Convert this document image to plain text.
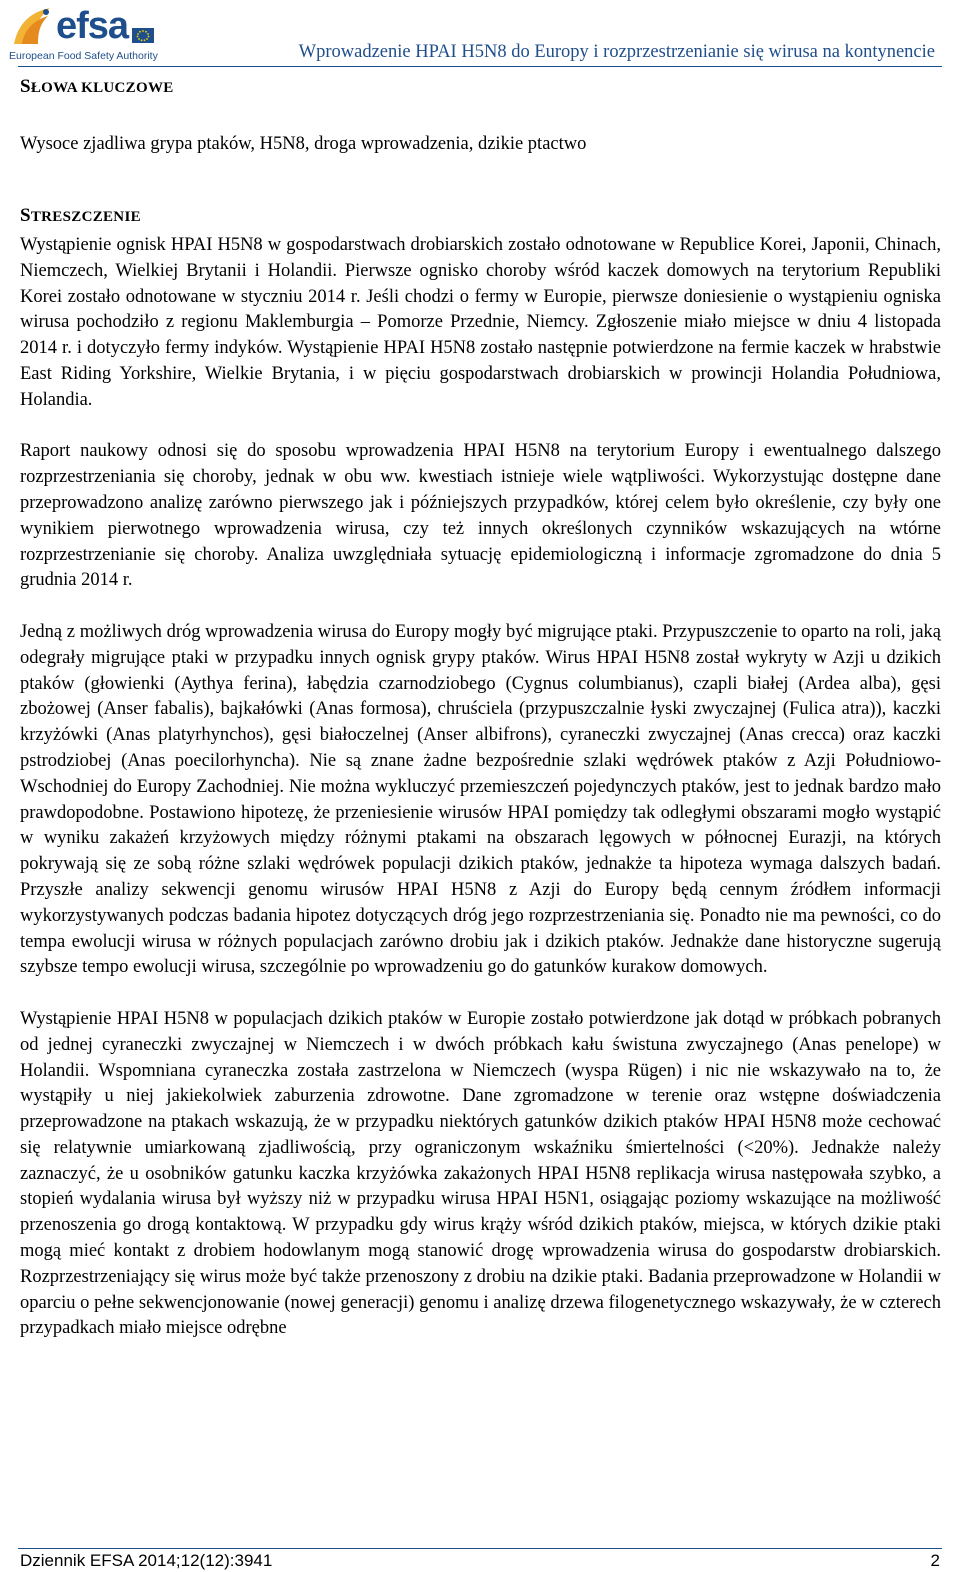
efsa
European Food Safety Authority	Wprowadzenie HPAI H5N8 do Europy i rozprzestrzenianie się wirusa na kontynencie
SŁOWA KLUCZOWE

Wysoce zjadliwa grypa ptaków, H5N8, droga wprowadzenia, dzikie ptactwo

STRESZCZENIE

Wystąpienie ognisk HPAI H5N8 w gospodarstwach drobiarskich zostało odnotowane w Republice Korei, Japonii, Chinach, Niemczech, Wielkiej Brytanii i Holandii. Pierwsze ognisko choroby wśród kaczek domowych na terytorium Republiki Korei zostało odnotowane w styczniu 2014 r. Jeśli chodzi o fermy w Europie, pierwsze doniesienie o wystąpieniu ogniska wirusa pochodziło z regionu Maklemburgia – Pomorze Przednie, Niemcy. Zgłoszenie miało miejsce w dniu 4 listopada 2014 r. i dotyczyło fermy indyków. Wystąpienie HPAI H5N8 zostało następnie potwierdzone na fermie kaczek w hrabstwie East Riding Yorkshire, Wielkie Brytania, i w pięciu gospodarstwach drobiarskich w prowincji Holandia Południowa, Holandia.

Raport naukowy odnosi się do sposobu wprowadzenia HPAI H5N8 na terytorium Europy i ewentualnego dalszego rozprzestrzeniania się choroby, jednak w obu ww. kwestiach istnieje wiele wątpliwości. Wykorzystując dostępne dane przeprowadzono analizę zarówno pierwszego jak i późniejszych przypadków, której celem było określenie, czy były one wynikiem pierwotnego wprowadzenia wirusa, czy też innych określonych czynników wskazujących na wtórne rozprzestrzenianie się choroby. Analiza uwzględniała sytuację epidemiologiczną i informacje zgromadzone do dnia 5 grudnia 2014 r.

Jedną z możliwych dróg wprowadzenia wirusa do Europy mogły być migrujące ptaki. Przypuszczenie to oparto na roli, jaką odegrały migrujące ptaki w przypadku innych ognisk grypy ptaków. Wirus HPAI H5N8 został wykryty w Azji u dzikich ptaków (głowienki (Aythya ferina), łabędzia czarnodziobego (Cygnus columbianus), czapli białej (Ardea alba), gęsi zbożowej (Anser fabalis), bajkałówki (Anas formosa), chruściela (przypuszczalnie łyski zwyczajnej (Fulica atra)), kaczki krzyżówki (Anas platyrhynchos), gęsi białoczelnej (Anser albifrons), cyraneczki zwyczajnej (Anas crecca) oraz kaczki pstrodziobej (Anas poecilorhyncha). Nie są znane żadne bezpośrednie szlaki wędrówek ptaków z Azji Południowo-Wschodniej do Europy Zachodniej. Nie można wykluczyć przemieszczeń pojedynczych ptaków, jest to jednak bardzo mało prawdopodobne. Postawiono hipotezę, że przeniesienie wirusów HPAI pomiędzy tak odległymi obszarami mogło wystąpić w wyniku zakażeń krzyżowych między różnymi ptakami na obszarach lęgowych w północnej Eurazji, na których pokrywają się ze sobą różne szlaki wędrówek populacji dzikich ptaków, jednakże ta hipoteza wymaga dalszych badań. Przyszłe analizy sekwencji genomu wirusów HPAI H5N8 z Azji do Europy będą cennym źródłem informacji wykorzystywanych podczas badania hipotez dotyczących dróg jego rozprzestrzeniania się. Ponadto nie ma pewności, co do tempa ewolucji wirusa w różnych populacjach zarówno drobiu jak i dzikich ptaków. Jednakże dane historyczne sugerują szybsze tempo ewolucji wirusa, szczególnie po wprowadzeniu go do gatunków kurakow domowych.

Wystąpienie HPAI H5N8 w populacjach dzikich ptaków w Europie zostało potwierdzone jak dotąd w próbkach pobranych od jednej cyraneczki zwyczajnej w Niemczech i w dwóch próbkach kału świstuna zwyczajnego (Anas penelope) w Holandii. Wspomniana cyraneczka została zastrzelona w Niemczech (wyspa Rügen) i nic nie wskazywało na to, że wystąpiły u niej jakiekolwiek zaburzenia zdrowotne. Dane zgromadzone w terenie oraz wstępne doświadczenia przeprowadzone na ptakach wskazują, że w przypadku niektórych gatunków dzikich ptaków HPAI H5N8 może cechować się relatywnie umiarkowaną zjadliwością, przy ograniczonym wskaźniku śmiertelności (<20%). Jednakże należy zaznaczyć, że u osobników gatunku kaczka krzyżówka zakażonych HPAI H5N8 replikacja wirusa następowała szybko, a stopień wydalania wirusa był wyższy niż w przypadku wirusa HPAI H5N1, osiągając poziomy wskazujące na możliwość przenoszenia go drogą kontaktową. W przypadku gdy wirus krąży wśród dzikich ptaków, miejsca, w których dzikie ptaki mogą mieć kontakt z drobiem hodowlanym mogą stanowić drogę wprowadzenia wirusa do gospodarstw drobiarskich. Rozprzestrzeniający się wirus może być także przenoszony z drobiu na dzikie ptaki. Badania przeprowadzone w Holandii w oparciu o pełne sekwencjonowanie (nowej generacji) genomu i analizę drzewa filogenetycznego wskazywały, że w czterech przypadkach miało miejsce odrębne

Dziennik EFSA 2014;12(12):3941	2
